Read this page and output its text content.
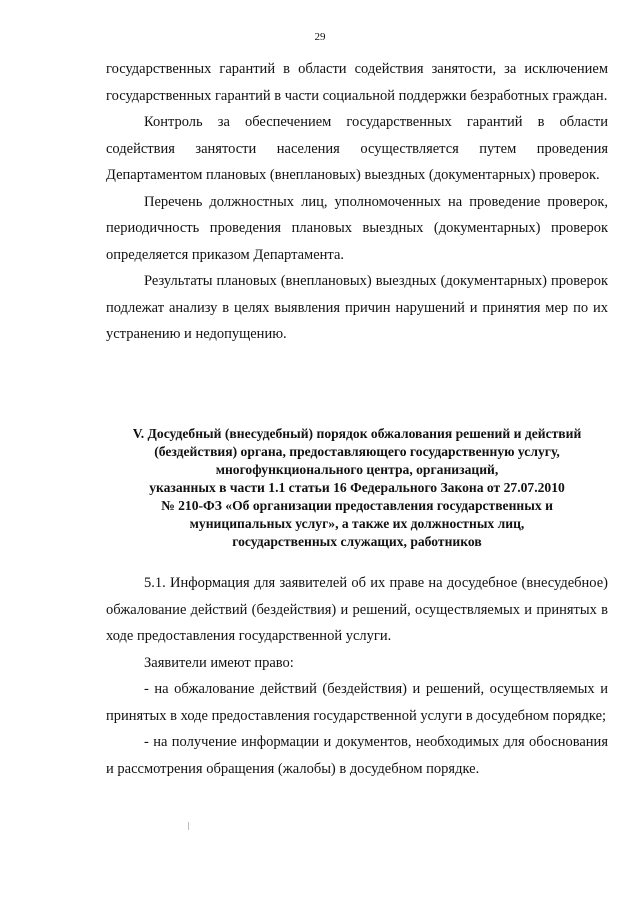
29

государственных гарантий в области содействия занятости, за исключением государственных гарантий в части социальной поддержки безработных граждан.

Контроль за обеспечением государственных гарантий в области содействия занятости населения осуществляется путем проведения Департаментом плановых (внеплановых) выездных (документарных) проверок.

Перечень должностных лиц, уполномоченных на проведение проверок, периодичность проведения плановых выездных (документарных) проверок определяется приказом Департамента.

Результаты плановых (внеплановых) выездных (документарных) проверок подлежат анализу в целях выявления причин нарушений и принятия мер по их устранению и недопущению.

V. Досудебный (внесудебный) порядок обжалования решений и действий
(бездействия) органа, предоставляющего государственную услугу,
многофункционального центра, организаций,
указанных в части 1.1 статьи 16 Федерального Закона от 27.07.2010
№ 210-ФЗ «Об организации предоставления государственных и
муниципальных услуг», а также их должностных лиц,
государственных служащих, работников

5.1. Информация для заявителей об их праве на досудебное (внесудебное) обжалование действий (бездействия) и решений, осуществляемых и принятых в ходе предоставления государственной услуги.

Заявители имеют право:

- на обжалование действий (бездействия) и решений, осуществляемых и принятых в ходе предоставления государственной услуги в досудебном порядке;

- на получение информации и документов, необходимых для обоснования и рассмотрения обращения (жалобы) в досудебном порядке.
